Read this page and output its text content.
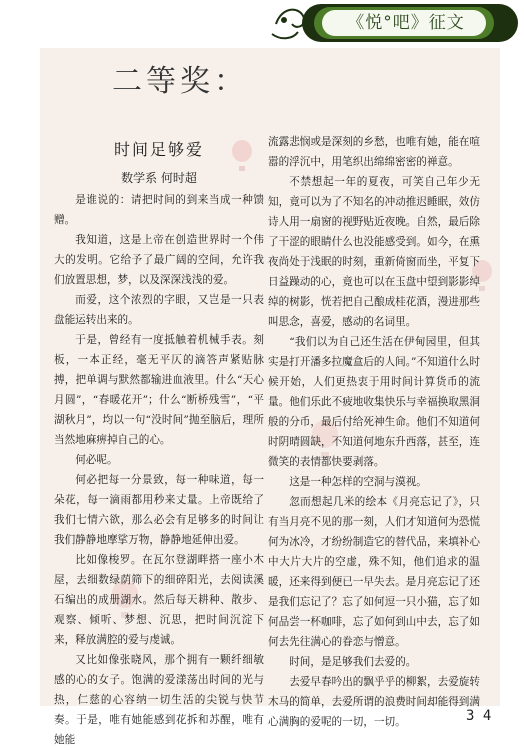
《悦°吧》征文
二等奖：
时间足够爱
数学系 何时超

是谁说的：请把时间的到来当成一种馈赠。

我知道，这是上帝在创造世界时一个伟大的发明。它给予了最广阔的空间，允许我们放置思想，梦，以及深深浅浅的爱。

而爱，这个浓烈的字眼，又岂是一只表盘能运转出来的。

于是，曾经有一度抵触着机械手表。刻板，一本正经，毫无平仄的滴答声紧贴脉搏，把单调与默然都输进血液里。什么“天心月圆”，“春暖花开”；什么“断桥残雪”，“平湖秋月”，均以一句“没时间”抛至脑后，理所当然地麻痹掉自己的心。

何必呢。

何必把每一分景致，每一种味道，每一朵花，每一滴雨都用秒来丈量。上帝既给了我们七情六欲，那么必会有足够多的时间让我们静静地摩挲万物，静静地延伸出爱。

比如像梭罗。在瓦尔登湖畔搭一座小木屋，去细数绿荫筛下的细碎阳光，去阅读溪石编出的成册湖水。然后每天耕种、散步、观察、倾听、梦想、沉思，把时间沉淀下来，释放满腔的爱与虔诚。

又比如像张晓风，那个拥有一颗纤细敏感的心的女子。饱满的爱漾荡出时间的光与热，仁慈的心容纳一切生活的尖锐与快节奏。于是，唯有她能感到花拆和苏醒，唯有她能

流露悲悯或是深刻的乡愁，也唯有她，能在喧嚣的浮沉中，用笔织出绵绵密密的禅意。

不禁想起一年的夏夜，可笑自己年少无知，竟可以为了不知名的冲动推迟睡眠，效仿诗人用一扇窗的视野贴近夜晚。自然，最后除了干涩的眼睛什么也没能感受到。如今，在熏夜尚处于浅眠的时刻，重新倚窗而坐，平复下日益躁动的心，竟也可以在玉盘中望到影影绰绰的树影，恍若把自己酿成桂花酒，漫进那些叫思念，喜爱，感动的名词里。

“我们以为自己还生活在伊甸园里，但其实是打开潘多拉魔盒后的人间。”不知道什么时候开始，人们更热衷于用时间计算货币的流量。他们乐此不疲地收集快乐与幸福换取黑洞般的分币，最后付给死神生命。他们不知道何时阴晴圆缺，不知道何地东升西落，甚至，连微笑的表情都快要剥落。

这是一种怎样的空洞与漠视。

忽而想起几米的绘本《月亮忘记了》，只有当月亮不见的那一刻，人们才知道何为恐慌何为冰冷，才纷纷制造它的替代品，来填补心中大片大片的空虚，殊不知，他们追求的温暖，还来得到便已一早失去。是月亮忘记了还是我们忘记了？忘了如何逗一只小猫，忘了如何品尝一杯咖啡，忘了如何到山中去，忘了如何去先往满心的眷恋与憎意。

时间，是足够我们去爱的。

去爱早春吟出的飘乎乎的柳絮，去爱旋转木马的简单，去爱所谓的浪费时间却能得到满心满胸的爱呢的一切，一切。	3 4
